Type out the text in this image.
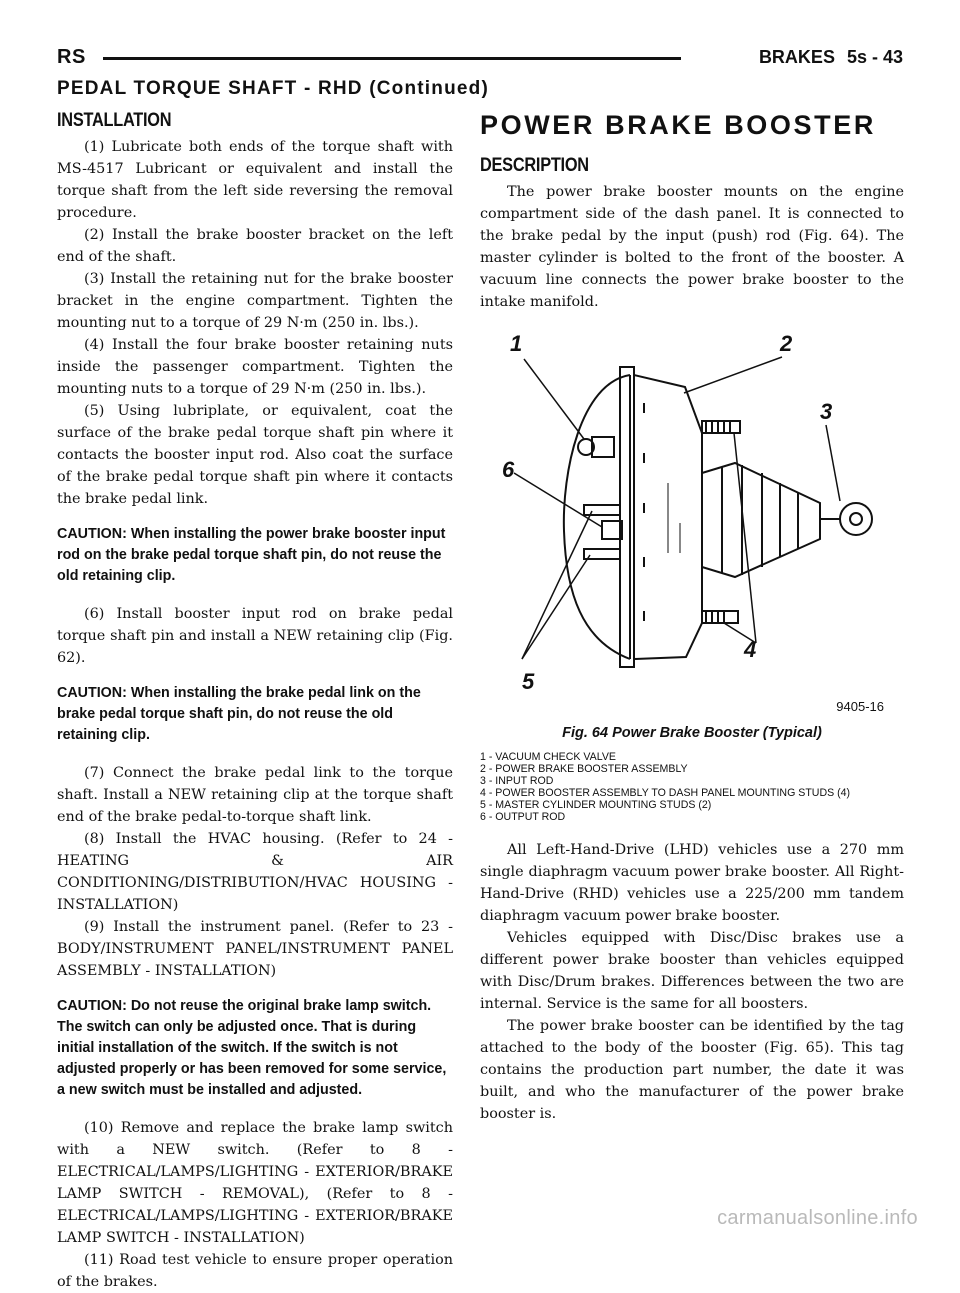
RS	BRAKES 5s - 43
PEDAL TORQUE SHAFT - RHD (Continued)
INSTALLATION

(1) Lubricate both ends of the torque shaft with MS-4517 Lubricant or equivalent and install the torque shaft from the left side reversing the removal procedure.

(2) Install the brake booster bracket on the left end of the shaft.

(3) Install the retaining nut for the brake booster bracket in the engine compartment. Tighten the mounting nut to a torque of 29 N·m (250 in. lbs.).

(4) Install the four brake booster retaining nuts inside the passenger compartment. Tighten the mounting nuts to a torque of 29 N·m (250 in. lbs.).

(5) Using lubriplate, or equivalent, coat the surface of the brake pedal torque shaft pin where it contacts the booster input rod. Also coat the surface of the brake pedal torque shaft pin where it contacts the brake pedal link.

CAUTION: When installing the power brake booster input rod on the brake pedal torque shaft pin, do not reuse the old retaining clip.

(6) Install booster input rod on brake pedal torque shaft pin and install a NEW retaining clip (Fig. 62).

CAUTION: When installing the brake pedal link on the brake pedal torque shaft pin, do not reuse the old retaining clip.

(7) Connect the brake pedal link to the torque shaft. Install a NEW retaining clip at the torque shaft end of the brake pedal-to-torque shaft link.

(8) Install the HVAC housing. (Refer to 24 - HEATING & AIR CONDITIONING/DISTRIBUTION/HVAC HOUSING - INSTALLATION)

(9) Install the instrument panel. (Refer to 23 - BODY/INSTRUMENT PANEL/INSTRUMENT PANEL ASSEMBLY - INSTALLATION)

CAUTION: Do not reuse the original brake lamp switch. The switch can only be adjusted once. That is during initial installation of the switch. If the switch is not adjusted properly or has been removed for some service, a new switch must be installed and adjusted.

(10) Remove and replace the brake lamp switch with a NEW switch. (Refer to 8 - ELECTRICAL/LAMPS/LIGHTING - EXTERIOR/BRAKE LAMP SWITCH - REMOVAL), (Refer to 8 - ELECTRICAL/LAMPS/LIGHTING - EXTERIOR/BRAKE LAMP SWITCH - INSTALLATION)

(11) Road test vehicle to ensure proper operation of the brakes.

POWER BRAKE BOOSTER
DESCRIPTION

The power brake booster mounts on the engine compartment side of the dash panel. It is connected to the brake pedal by the input (push) rod (Fig. 64). The master cylinder is bolted to the front of the booster. A vacuum line connects the power brake booster to the intake manifold.

1	2
3
4
5
6
9405-16
Fig. 64 Power Brake Booster (Typical)
1 - VACUUM CHECK VALVE
2 - POWER BRAKE BOOSTER ASSEMBLY
3 - INPUT ROD
4 - POWER BOOSTER ASSEMBLY TO DASH PANEL MOUNTING STUDS (4)
5 - MASTER CYLINDER MOUNTING STUDS (2)
6 - OUTPUT ROD

All Left-Hand-Drive (LHD) vehicles use a 270 mm single diaphragm vacuum power brake booster. All Right-Hand-Drive (RHD) vehicles use a 225/200 mm tandem diaphragm vacuum power brake booster.

Vehicles equipped with Disc/Disc brakes use a different power brake booster than vehicles equipped with Disc/Drum brakes. Differences between the two are internal. Service is the same for all boosters.

The power brake booster can be identified by the tag attached to the body of the booster (Fig. 65). This tag contains the production part number, the date it was built, and who the manufacturer of the power brake booster is.

carmanualsonline.info
